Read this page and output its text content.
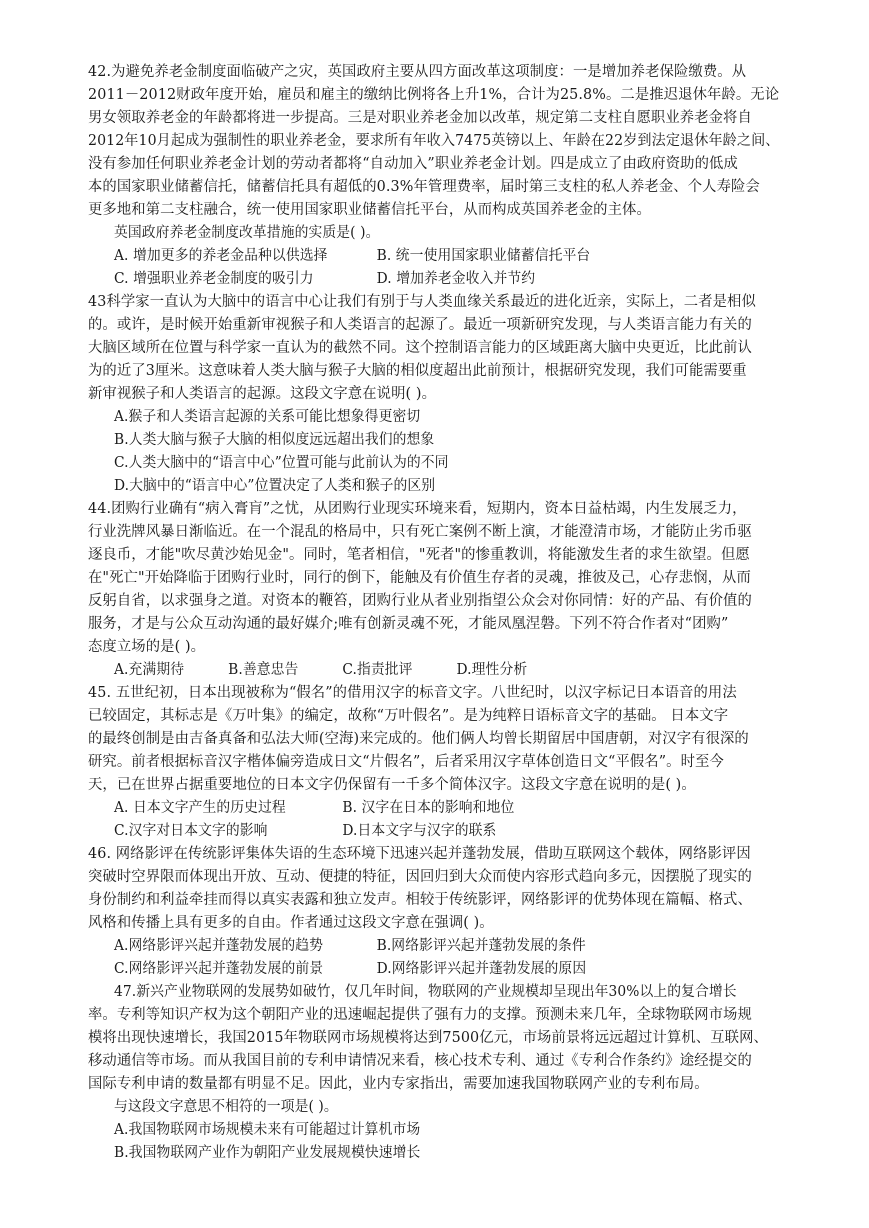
42.为避免养老金制度面临破产之灾，英国政府主要从四方面改革这项制度：一是增加养老保险缴费。从
2011－2012财政年度开始，雇员和雇主的缴纳比例将各上升1%，合计为25.8%。二是推迟退休年龄。无论
男女领取养老金的年龄都将进一步提高。三是对职业养老金加以改革，规定第二支柱自愿职业养老金将自
2012年10月起成为强制性的职业养老金，要求所有年收入7475英镑以上、年龄在22岁到法定退休年龄之间、
没有参加任何职业养老金计划的劳动者都将“自动加入”职业养老金计划。四是成立了由政府资助的低成
本的国家职业储蓄信托，储蓄信托具有超低的0.3%年管理费率，届时第三支柱的私人养老金、个人寿险会
更多地和第二支柱融合，统一使用国家职业储蓄信托平台，从而构成英国养老金的主体。
英国政府养老金制度改革措施的实质是( )。
A. 增加更多的养老金品种以供选择	B. 统一使用国家职业储蓄信托平台
C. 增强职业养老金制度的吸引力	D. 增加养老金收入并节约
43科学家一直认为大脑中的语言中心让我们有别于与人类血缘关系最近的进化近亲，实际上，二者是相似
的。或许，是时候开始重新审视猴子和人类语言的起源了。最近一项新研究发现，与人类语言能力有关的
大脑区域所在位置与科学家一直认为的截然不同。这个控制语言能力的区域距离大脑中央更近，比此前认
为的近了3厘米。这意味着人类大脑与猴子大脑的相似度超出此前预计，根据研究发现，我们可能需要重
新审视猴子和人类语言的起源。这段文字意在说明( )。
A.猴子和人类语言起源的关系可能比想象得更密切
B.人类大脑与猴子大脑的相似度远远超出我们的想象
C.人类大脑中的“语言中心”位置可能与此前认为的不同
D.大脑中的“语言中心”位置决定了人类和猴子的区别
44.团购行业确有“病入膏肓”之忧，从团购行业现实环境来看，短期内，资本日益枯竭，内生发展乏力，
行业洗牌风暴日渐临近。在一个混乱的格局中，只有死亡案例不断上演，才能澄清市场，才能防止劣币驱
逐良币，才能"吹尽黄沙始见金"。同时，笔者相信，"死者"的惨重教训，将能激发生者的求生欲望。但愿
在"死亡"开始降临于团购行业时，同行的倒下，能触及有价值生存者的灵魂，推彼及己，心存悲悯，从而
反躬自省，以求强身之道。对资本的鞭笞，团购行业从者业别指望公众会对你同情：好的产品、有价值的
服务，才是与公众互动沟通的最好媒介;唯有创新灵魂不死，才能凤凰涅磐。下列不符合作者对“团购”
态度立场的是( )。
A.充满期待	B.善意忠告	C.指责批评	D.理性分析
45. 五世纪初，日本出现被称为“假名”的借用汉字的标音文字。八世纪时，以汉字标记日本语音的用法
已较固定，其标志是《万叶集》的编定，故称“万叶假名”。是为纯粹日语标音文字的基础。 日本文字
的最终创制是由吉备真备和弘法大师(空海)来完成的。他们俩人均曾长期留居中国唐朝，对汉字有很深的
研究。前者根据标音汉字楷体偏旁造成日文“片假名”，后者采用汉字草体创造日文“平假名”。时至今
天，已在世界占据重要地位的日本文字仍保留有一千多个简体汉字。这段文字意在说明的是( )。
A. 日本文字产生的历史过程	B. 汉字在日本的影响和地位
C.汉字对日本文字的影响	D.日本文字与汉字的联系
46. 网络影评在传统影评集体失语的生态环境下迅速兴起并蓬勃发展，借助互联网这个载体，网络影评因
突破时空界限而体现出开放、互动、便捷的特征，因回归到大众而使内容形式趋向多元，因摆脱了现实的
身份制约和利益牵挂而得以真实表露和独立发声。相较于传统影评，网络影评的优势体现在篇幅、格式、
风格和传播上具有更多的自由。作者通过这段文字意在强调( )。
A.网络影评兴起并蓬勃发展的趋势	B.网络影评兴起并蓬勃发展的条件
C.网络影评兴起并蓬勃发展的前景	D.网络影评兴起并蓬勃发展的原因
47.新兴产业物联网的发展势如破竹，仅几年时间，物联网的产业规模却呈现出年30%以上的复合增长
率。专利等知识产权为这个朝阳产业的迅速崛起提供了强有力的支撑。预测未来几年，全球物联网市场规
模将出现快速增长，我国2015年物联网市场规模将达到7500亿元，市场前景将远远超过计算机、互联网、
移动通信等市场。而从我国目前的专利申请情况来看，核心技术专利、通过《专利合作条约》途经提交的
国际专利申请的数量都有明显不足。因此，业内专家指出，需要加速我国物联网产业的专利布局。
与这段文字意思不相符的一项是( )。
A.我国物联网市场规模未来有可能超过计算机市场
B.我国物联网产业作为朝阳产业发展规模快速增长
